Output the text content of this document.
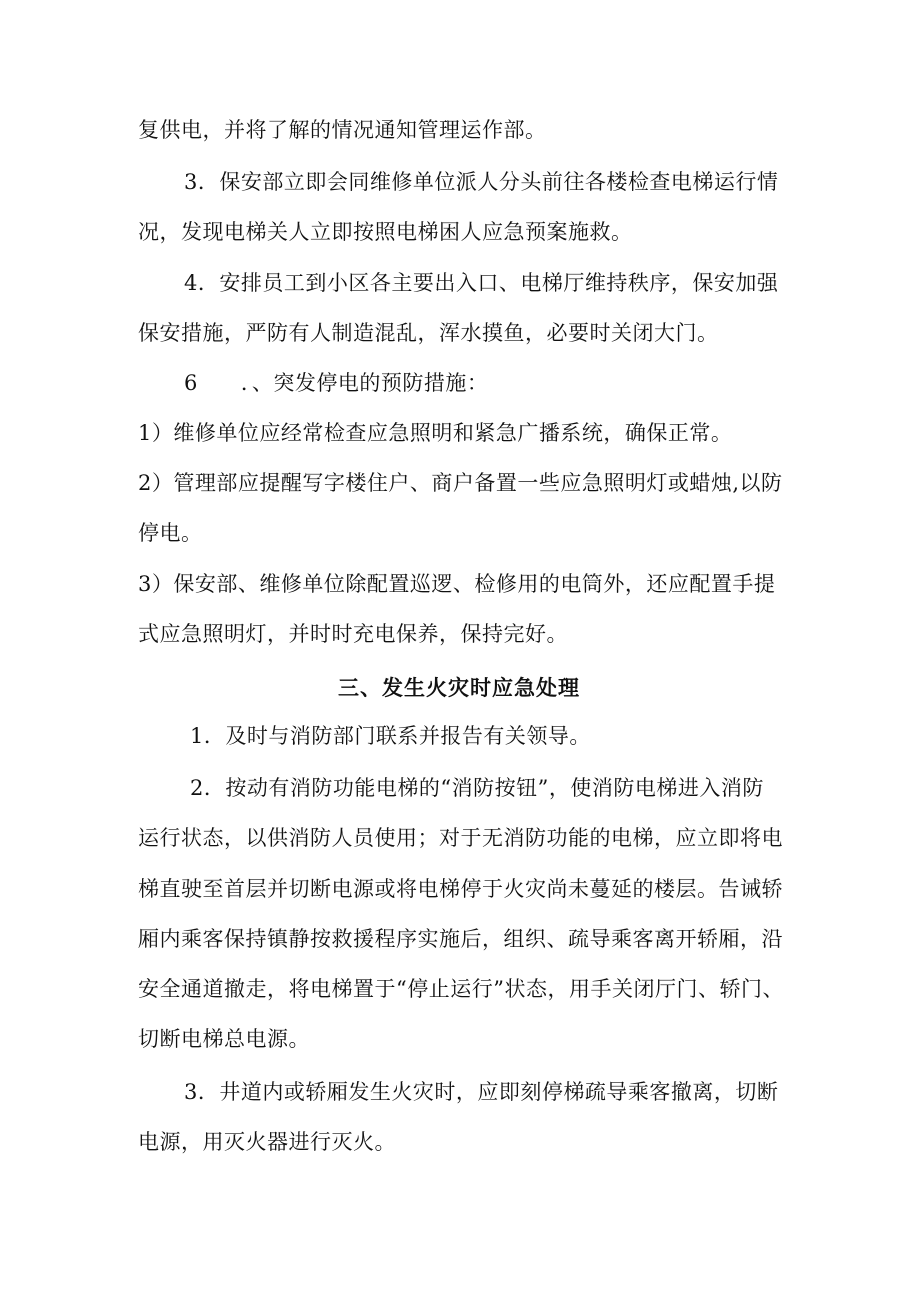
复供电，并将了解的情况通知管理运作部。
3．保安部立即会同维修单位派人分头前往各楼检查电梯运行情
况，发现电梯关人立即按照电梯困人应急预案施救。
4．安排员工到小区各主要出入口、电梯厅维持秩序，保安加强
保安措施，严防有人制造混乱，浑水摸鱼，必要时关闭大门。
6　　．、突发停电的预防措施：
1）维修单位应经常检查应急照明和紧急广播系统，确保正常。
2）管理部应提醒写字楼住户、商户备置一些应急照明灯或蜡烛,以防
停电。
3）保安部、维修单位除配置巡逻、检修用的电筒外，还应配置手提
式应急照明灯，并时时充电保养，保持完好。
三、发生火灾时应急处理
1．及时与消防部门联系并报告有关领导。
2．按动有消防功能电梯的“消防按钮”，使消防电梯进入消防
运行状态，以供消防人员使用；对于无消防功能的电梯，应立即将电
梯直驶至首层并切断电源或将电梯停于火灾尚未蔓延的楼层。告诫轿
厢内乘客保持镇静按救援程序实施后，组织、疏导乘客离开轿厢，沿
安全通道撤走，将电梯置于“停止运行”状态，用手关闭厅门、轿门、
切断电梯总电源。
3．井道内或轿厢发生火灾时，应即刻停梯疏导乘客撤离，切断
电源，用灭火器进行灭火。
